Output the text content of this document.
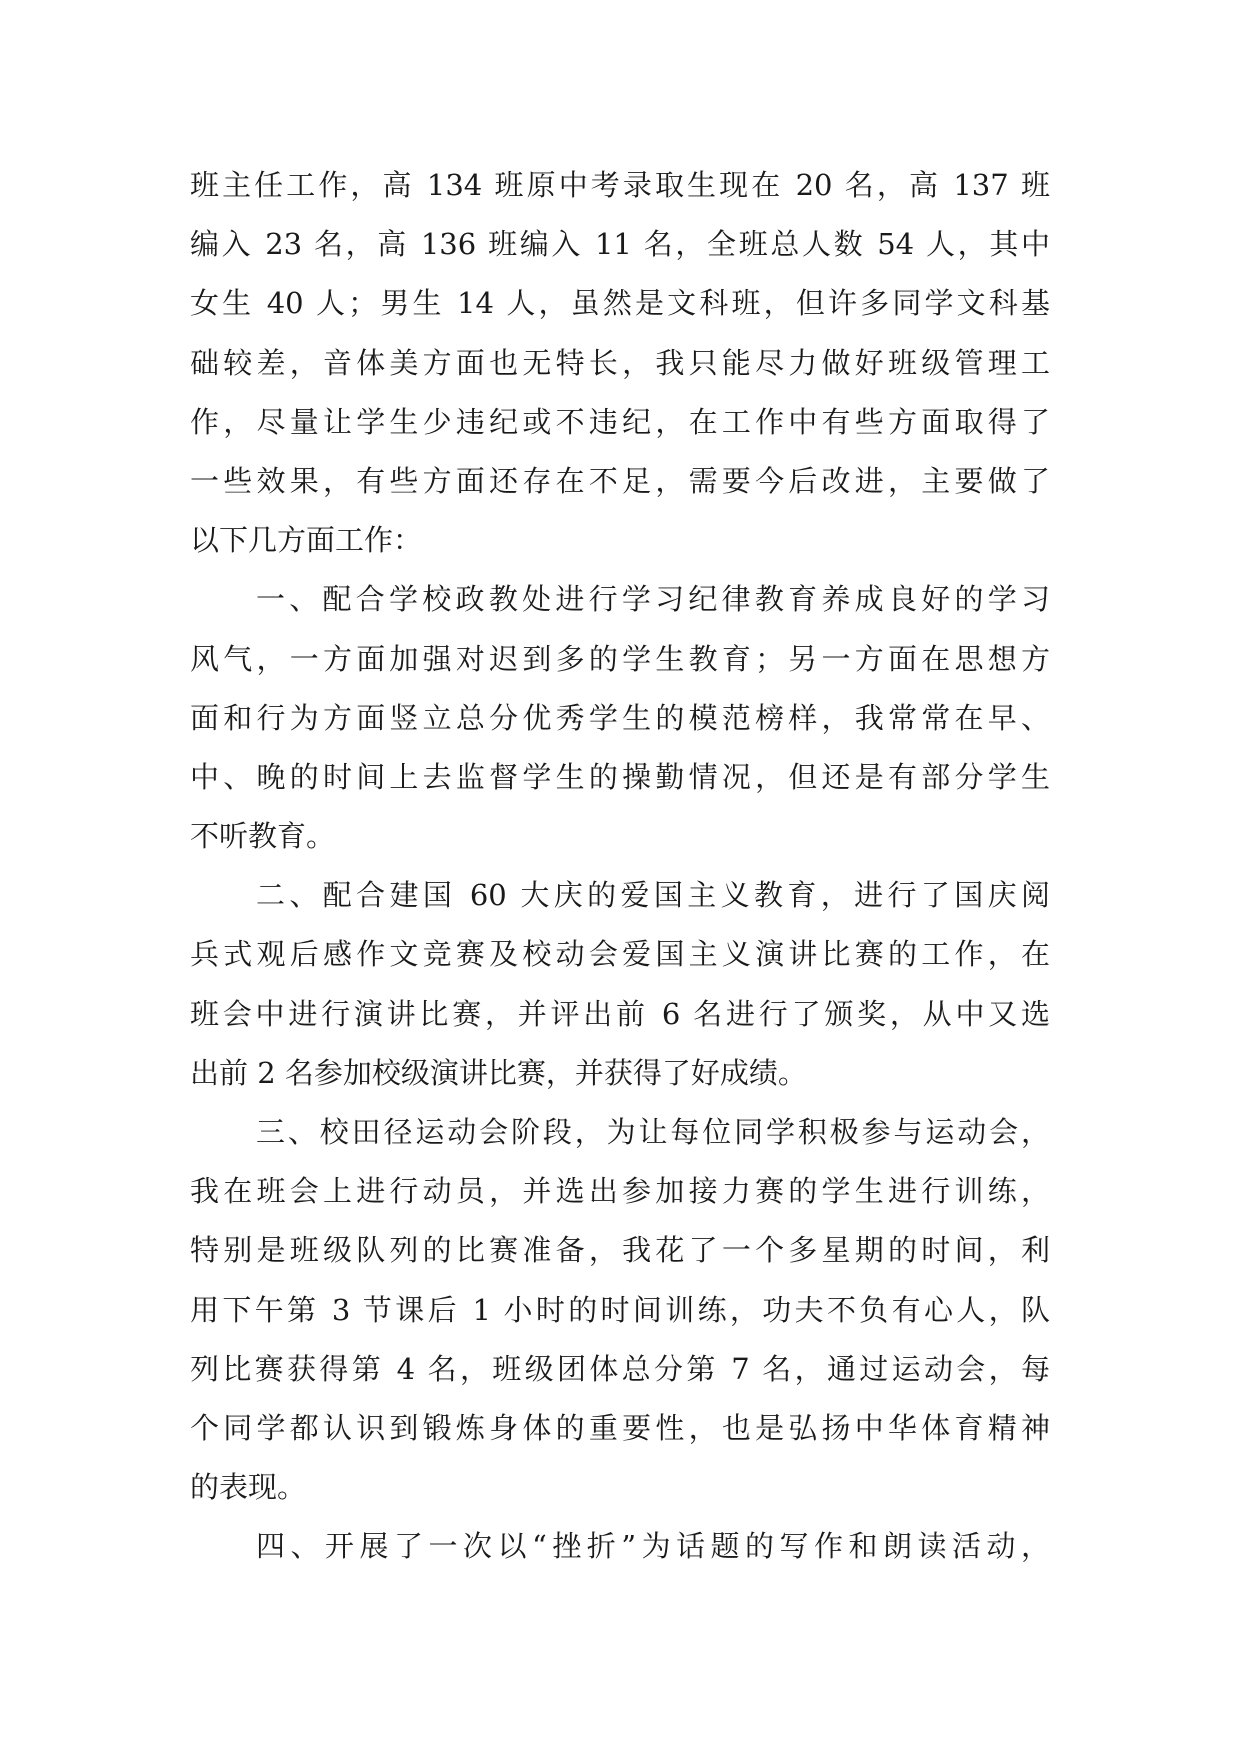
班主任工作，高 134 班原中考录取生现在 20 名，高 137 班
编入 23 名，高 136 班编入 11 名，全班总人数 54 人，其中
女生 40 人；男生 14 人，虽然是文科班，但许多同学文科基
础较差，音体美方面也无特长，我只能尽力做好班级管理工
作，尽量让学生少违纪或不违纪，在工作中有些方面取得了
一些效果，有些方面还存在不足，需要今后改进，主要做了
以下几方面工作：
一、配合学校政教处进行学习纪律教育养成良好的学习
风气，一方面加强对迟到多的学生教育；另一方面在思想方
面和行为方面竖立总分优秀学生的模范榜样，我常常在早、
中、晚的时间上去监督学生的操勤情况，但还是有部分学生
不听教育。
二、配合建国 60 大庆的爱国主义教育，进行了国庆阅
兵式观后感作文竞赛及校动会爱国主义演讲比赛的工作，在
班会中进行演讲比赛，并评出前 6 名进行了颁奖，从中又选
出前 2 名参加校级演讲比赛，并获得了好成绩。
三、校田径运动会阶段，为让每位同学积极参与运动会，
我在班会上进行动员，并选出参加接力赛的学生进行训练，
特别是班级队列的比赛准备，我花了一个多星期的时间，利
用下午第 3 节课后 1 小时的时间训练，功夫不负有心人，队
列比赛获得第 4 名，班级团体总分第 7 名，通过运动会，每
个同学都认识到锻炼身体的重要性，也是弘扬中华体育精神
的表现。
四、开展了一次以“挫折”为话题的写作和朗读活动，
